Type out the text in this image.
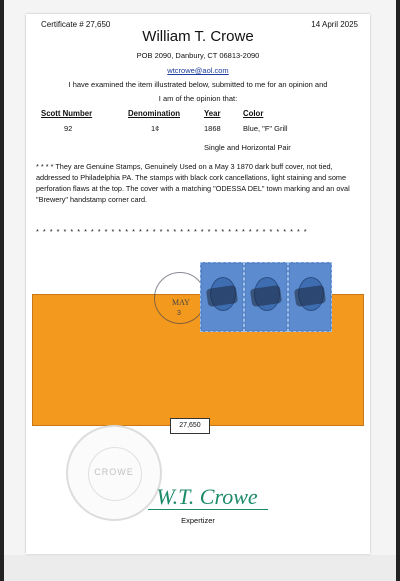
Certificate # 27,650	14 April 2025
William T. Crowe
POB 2090, Danbury, CT 06813-2090
wtcrowe@aol.com
I have examined the item illustrated below, submitted to me for an opinion and
I am of the opinion that:
Scott Number	Denomination	Year	Color
92	1¢	1868	Blue, "F" Grill
Single and Horizontal Pair
* * * * They are Genuine Stamps, Genuinely Used on a May 3 1870 dark buff cover, not tied, addressed to Philadelphia PA. The stamps with black cork cancellations, light staining and some perforation flaws at the top. The cover with a matching "ODESSA DEL" town marking and an oval "Brewery" handstamp corner card.
* * * * * * * * * * * * * * * * * * * * * * * * * * * * * * * * * * * * * * * *
MAY
3
27,650
CROWE
W.T. Crowe
Expertizer
